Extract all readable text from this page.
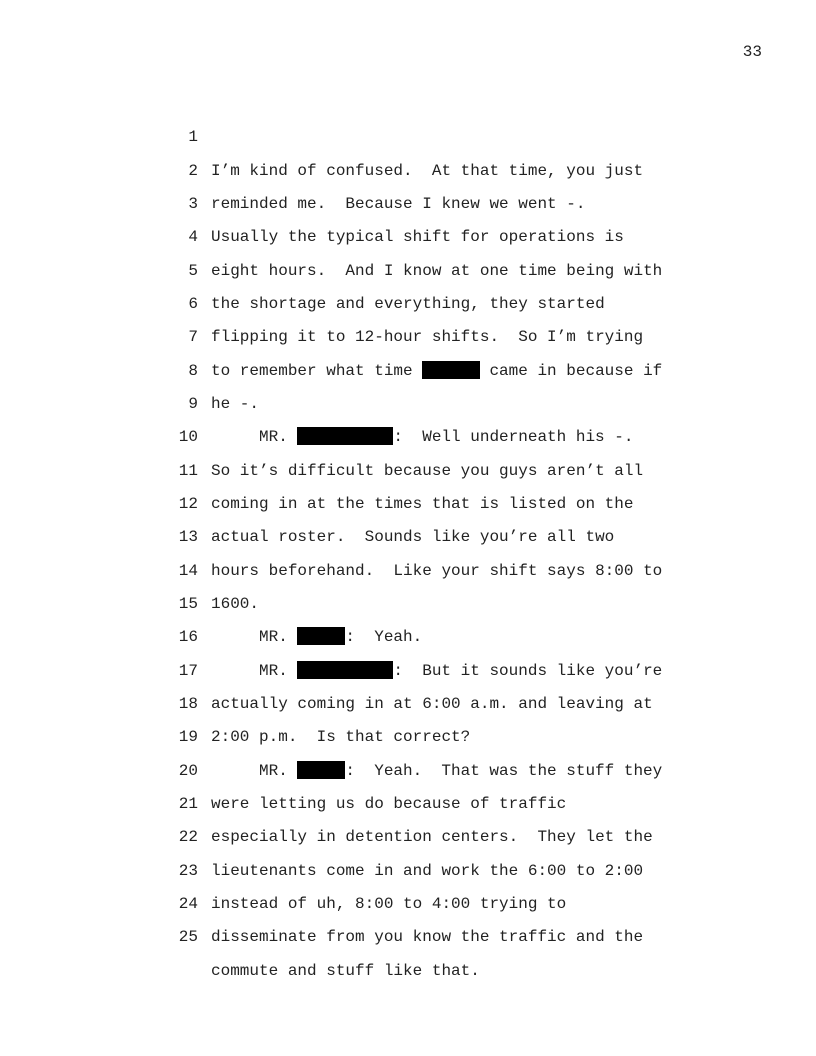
33

1

I’m kind of confused.  At that time, you just

2

reminded me.  Because I knew we went -.

3

Usually the typical shift for operations is

4

eight hours.  And I know at one time being with

5

the shortage and everything, they started

6

flipping it to 12-hour shifts.  So I’m trying

7

to remember what time	came in because if

8

he -.

9

MR.	:  Well underneath his -.

10

So it’s difficult because you guys aren’t all

11

coming in at the times that is listed on the

12

actual roster.  Sounds like you’re all two

13

hours beforehand.  Like your shift says 8:00 to

14

1600.

15

MR.	:  Yeah.

16

MR.	:  But it sounds like you’re

17

actually coming in at 6:00 a.m. and leaving at

18

2:00 p.m.  Is that correct?

19

MR.	:  Yeah.  That was the stuff they

20

were letting us do because of traffic

21

especially in detention centers.  They let the

22

lieutenants come in and work the 6:00 to 2:00

23

instead of uh, 8:00 to 4:00 trying to

24

disseminate from you know the traffic and the

25

commute and stuff like that.
